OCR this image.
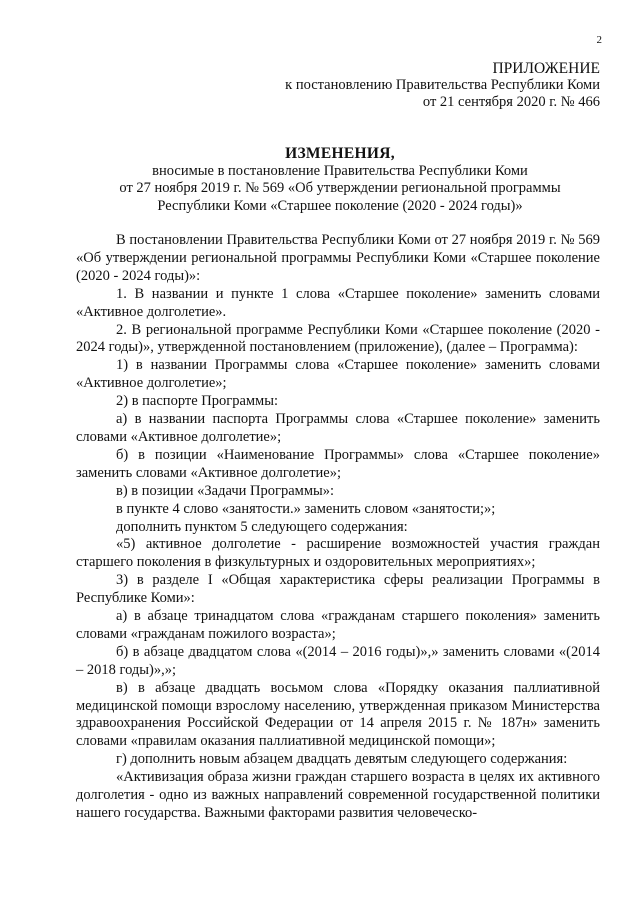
2
ПРИЛОЖЕНИЕ
к постановлению Правительства Республики Коми
от 21 сентября 2020 г. № 466
ИЗМЕНЕНИЯ,
вносимые в постановление Правительства Республики Коми
от 27 ноября 2019 г. № 569 «Об утверждении региональной программы
Республики Коми «Старшее поколение (2020 - 2024 годы)»

В постановлении Правительства Республики Коми от 27 ноября 2019 г. № 569 «Об утверждении региональной программы Республики Коми «Старшее поколение (2020 - 2024 годы)»:

1. В названии и пункте 1 слова «Старшее поколение» заменить словами «Активное долголетие».

2. В региональной программе Республики Коми «Старшее поколение (2020 - 2024 годы)», утвержденной постановлением (приложение), (далее – Программа):

1) в названии Программы слова «Старшее поколение» заменить словами «Активное долголетие»;

2) в паспорте Программы:

а) в названии паспорта Программы слова «Старшее поколение» заменить словами «Активное долголетие»;

б) в позиции «Наименование Программы» слова «Старшее поколение» заменить словами «Активное долголетие»;

в) в позиции «Задачи Программы»:

в пункте 4 слово «занятости.» заменить словом «занятости;»;

дополнить пунктом 5 следующего содержания:

«5) активное долголетие - расширение возможностей участия граждан старшего поколения в физкультурных и оздоровительных мероприятиях»;

3) в разделе I «Общая характеристика сферы реализации Программы в Республике Коми»:

а) в абзаце тринадцатом слова «гражданам старшего поколения» заменить словами «гражданам пожилого возраста»;

б) в абзаце двадцатом слова «(2014 – 2016 годы)»,» заменить словами «(2014 – 2018 годы)»,»;

в) в абзаце двадцать восьмом слова «Порядку оказания паллиативной медицинской помощи взрослому населению, утвержденная приказом Министерства здравоохранения Российской Федерации от 14 апреля 2015 г. № 187н» заменить словами «правилам оказания паллиативной медицинской помощи»;

г) дополнить новым абзацем двадцать девятым следующего содержания:

«Активизация образа жизни граждан старшего возраста в целях их активного долголетия - одно из важных направлений современной государственной политики нашего государства. Важными факторами развития человеческо-
